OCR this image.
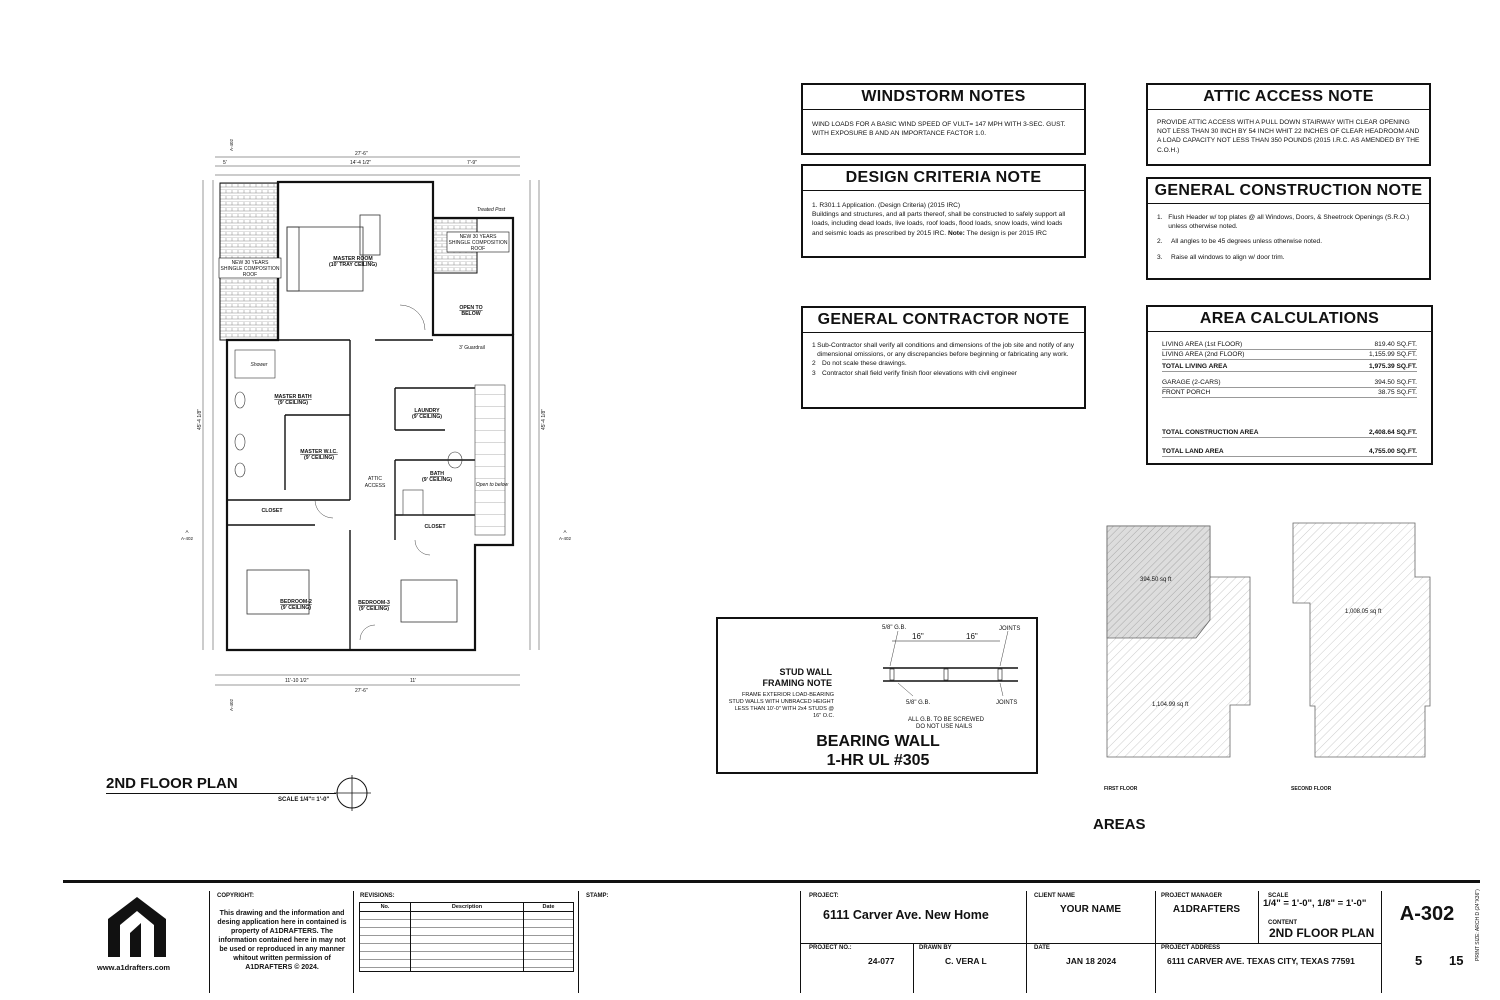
27'-6"
14'-4 1/2"	7'-9"
5'
27'-6"
11'-10 1/2"	11'
45'-4 1/8"	45'-4 1/8"
MASTER ROOM
(10' TRAY CEILING)
MASTER BATH
(9' CEILING)
MASTER W.I.C.
(9' CEILING)
LAUNDRY
(9' CEILING)
BATH
(9' CEILING)
CLOSET
CLOSET
BEDROOM-2
(9' CEILING)
BEDROOM-3
(9' CEILING)
OPEN TO
BELOW
ATTIC
ACCESS
Shower
3' Guardrail
Treated Post
Open to below
NEW 30 YEARS
SHINGLE COMPOSITION
ROOF
NEW 30 YEARS
SHINGLE COMPOSITION
ROOF
A-402
A-402	A-402
A-402
A	A
2ND FLOOR PLAN
SCALE 1/4"= 1'-0"
WINDSTORM NOTES

WIND LOADS FOR A BASIC WIND SPEED OF VULT= 147 MPH WITH 3-SEC. GUST. WITH EXPOSURE B AND AN IMPORTANCE FACTOR 1.0.

DESIGN CRITERIA NOTE
1. R301.1 Application. (Design Criteria) (2015 IRC)
Buildings and structures, and all parts thereof, shall be constructed to safely support all loads, including dead loads, live loads, roof loads, flood loads, snow loads, wind loads and seismic loads as prescribed by 2015 IRC. Note: The design is per 2015 IRC
GENERAL CONTRACTOR NOTE
1 Sub-Contractor shall verify all conditions and dimensions of the job site and notify of any dimensional omissions, or any discrepancies before beginning or fabricating any work.
2 Do not scale these drawings.
3 Contractor shall field verify finish floor elevations with civil engineer
ATTIC ACCESS NOTE

PROVIDE ATTIC ACCESS WITH A PULL DOWN STAIRWAY WITH CLEAR OPENING NOT LESS THAN 30 INCH BY 54 INCH WHIT 22 INCHES OF CLEAR HEADROOM AND A LOAD CAPACITY NOT LESS THAN 350 POUNDS (2015 I.R.C. AS AMENDED BY THE C.O.H.)

GENERAL CONSTRUCTION NOTE
1. Flush Header w/ top plates @ all Windows, Doors, & Sheetrock Openings (S.R.O.) unless otherwise noted.
2.	All angles to be 45 degrees unless otherwise noted.
3.	Raise all windows to align w/ door trim.
AREA CALCULATIONS
LIVING AREA (1st FLOOR)	819.40 SQ.FT.
LIVING AREA (2nd FLOOR)	1,155.99 SQ.FT.
TOTAL LIVING AREA	1,975.39 SQ.FT.
GARAGE (2-CARS)	394.50 SQ.FT.
FRONT PORCH	38.75 SQ.FT.
TOTAL CONSTRUCTION AREA	2,408.64 SQ.FT.
TOTAL LAND AREA	4,755.00 SQ.FT.
STUD WALL
FRAMING NOTE
FRAME EXTERIOR LOAD-BEARING STUD WALLS WITH UNBRACED HEIGHT LESS THAN 10'-0" WITH 2x4 STUDS @ 16" O.C.
5/8" G.B.
16"	16"
JOINTS
5/8" G.B.	JOINTS
ALL G.B. TO BE SCREWED
DO NOT USE NAILS
BEARING WALL
1-HR UL #305
394.50 sq ft
1,104.99 sq ft
1,008.05 sq ft
FIRST FLOOR	SECOND FLOOR
AREAS
www.a1drafters.com
COPYRIGHT:
This drawing and the information and desing application here in contained is property of A1DRAFTERS. The information contained here in may not be used or reproduced in any manner whitout written permission of A1DRAFTERS © 2024.
REVISIONS:
No.	Description	Date
STAMP:	PROJECT:
6111 Carver Ave. New Home
CLIENT NAME
YOUR NAME
PROJECT MANAGER
A1DRAFTERS
SCALE
1/4" = 1'-0", 1/8" = 1'-0"
CONTENT
2ND FLOOR PLAN
A-302
5 15 PRINT SIZE: ARCH D (24"X36")
PROJECT NO.:
24-077
DRAWN BY
C. VERA L
DATE
JAN 18 2024
PROJECT ADDRESS
6111 CARVER AVE. TEXAS CITY, TEXAS 77591
